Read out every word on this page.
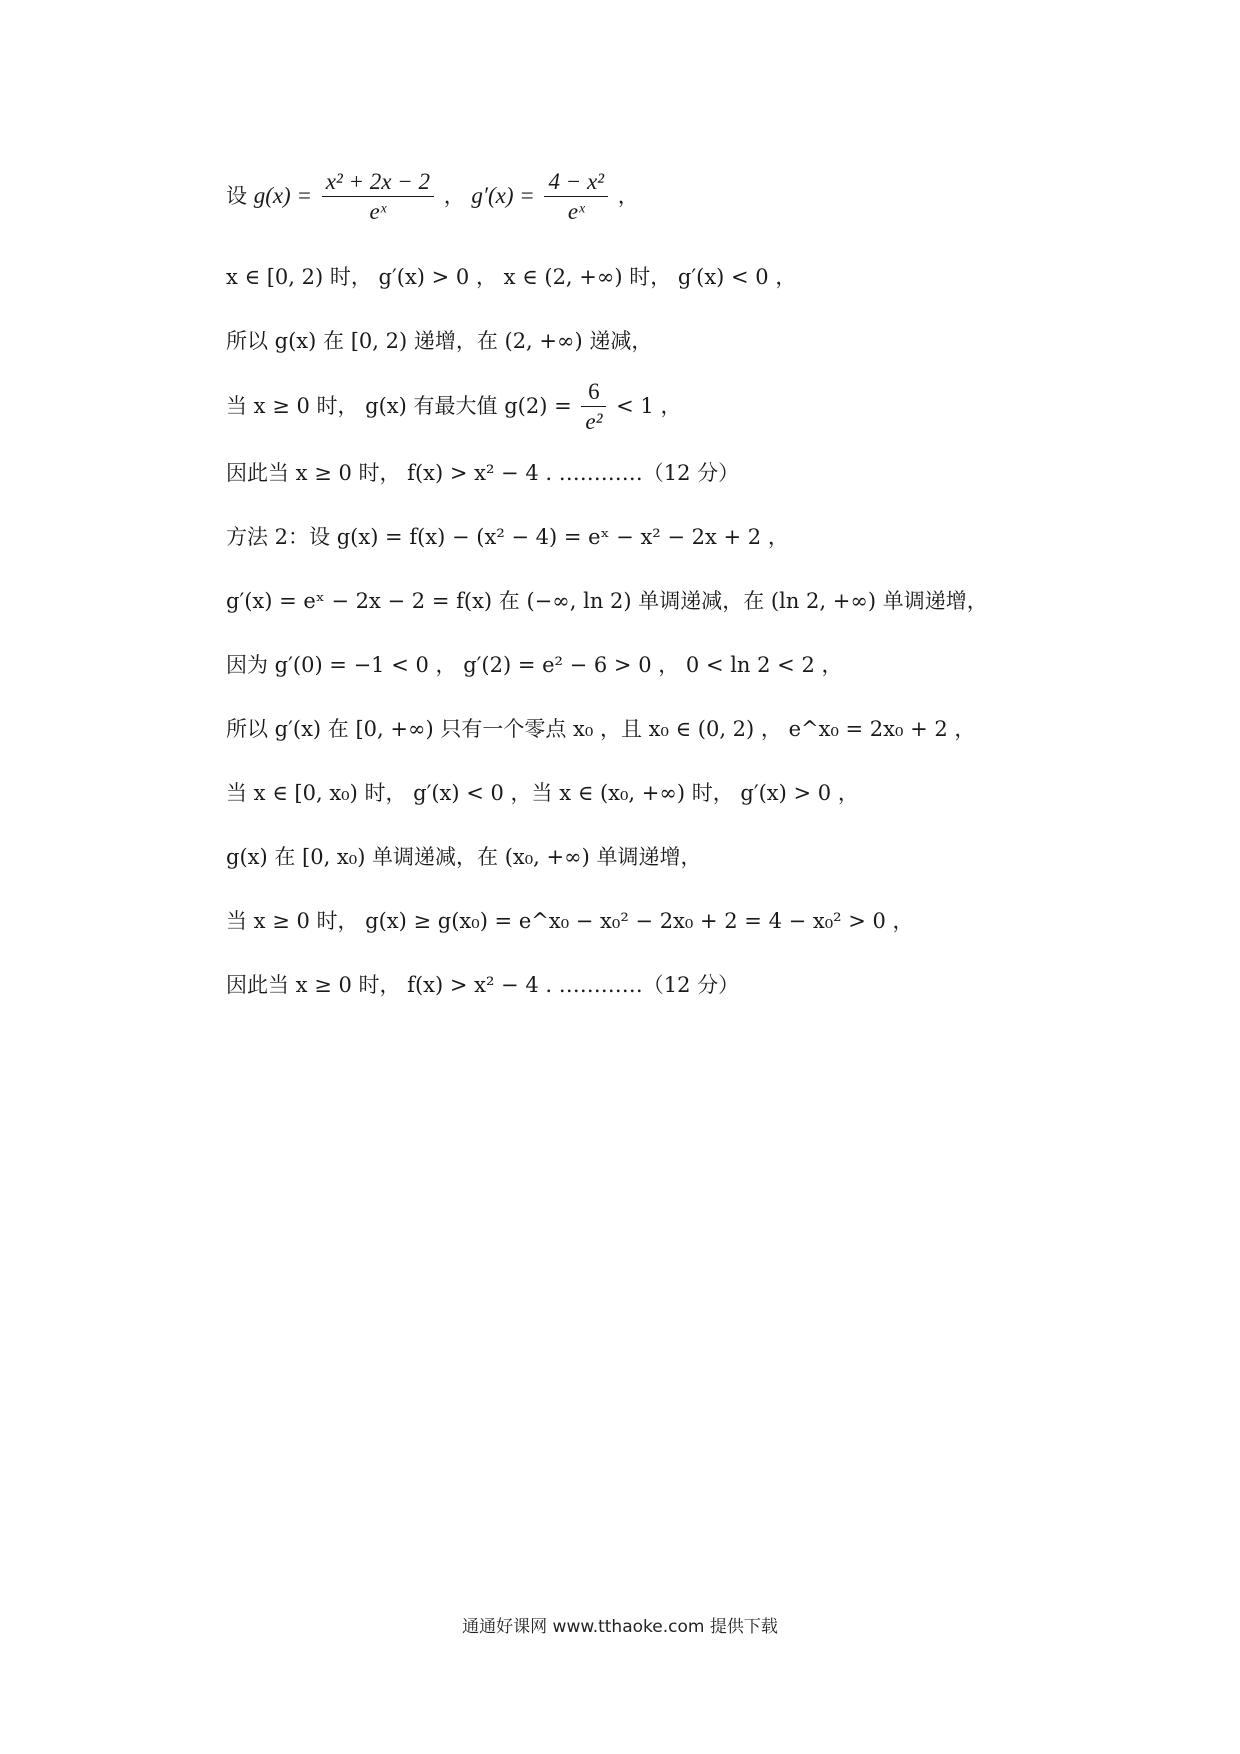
设 $g(x) = \frac{\text{x² + 2x − 2}}{\text{eˣ}}$ ， $g'(x) = \frac{\text{4 − x²}}{\text{eˣ}}$ ，
x ∈ [0, 2) 时， g′(x) > 0 ， x ∈ (2, +∞) 时， g′(x) < 0 ，
所以 g(x) 在 [0, 2) 递增，在 (2, +∞) 递减，
当 x ≥ 0 时， g(x) 有最大值 $g(2) = \frac{6}{\text{e²}} < 1$ ，
因此当 x ≥ 0 时， f(x) > x² − 4 . …………（12 分）
方法 2：设 g(x) = f(x) − (x² − 4) = eˣ − x² − 2x + 2 ，
g′(x) = eˣ − 2x − 2 = f(x) 在 (−∞, ln 2) 单调递减，在 (ln 2, +∞) 单调递增，
因为 g′(0) = −1 < 0 ， g′(2) = e² − 6 > 0 ， 0 < ln 2 < 2 ，
所以 g′(x) 在 [0, +∞) 只有一个零点 x₀ ，且 x₀ ∈ (0, 2) ， e^x₀ = 2x₀ + 2 ，
当 x ∈ [0, x₀) 时， g′(x) < 0 ，当 x ∈ (x₀, +∞) 时， g′(x) > 0 ，
g(x) 在 [0, x₀) 单调递减，在 (x₀, +∞) 单调递增，
当 x ≥ 0 时， g(x) ≥ g(x₀) = e^x₀ − x₀² − 2x₀ + 2 = 4 − x₀² > 0 ，
因此当 x ≥ 0 时， f(x) > x² − 4 . …………（12 分）
通通好课网 www.tthaoke.com 提供下载
